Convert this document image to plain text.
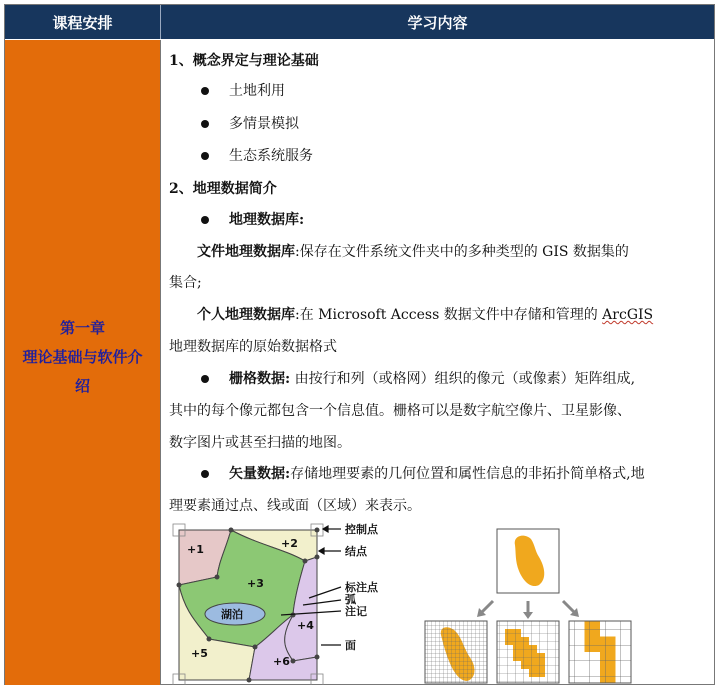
课程安排	学习内容
第一章
理论基础与软件介
绍
1、概念界定与理论基础
土地利用
多情景模拟
生态系统服务
2、地理数据简介
地理数据库:
文件地理数据库:保存在文件系统文件夹中的多种类型的 GIS 数据集的
集合;
个人地理数据库:在 Microsoft Access 数据文件中存储和管理的 ArcGIS
地理数据库的原始数据格式
栅格数据: 由按行和列（或格网）组织的像元（或像素）矩阵组成,
其中的每个像元都包含一个信息值。栅格可以是数字航空像片、卫星影像、
数字图片或甚至扫描的地图。
矢量数据:存储地理要素的几何位置和属性信息的非拓扑简单格式,地
理要素通过点、线或面（区域）来表示。
+1	+2
+3
+4
+5
+6
湖泊
控制点
结点
标注点
弧
注记
面
